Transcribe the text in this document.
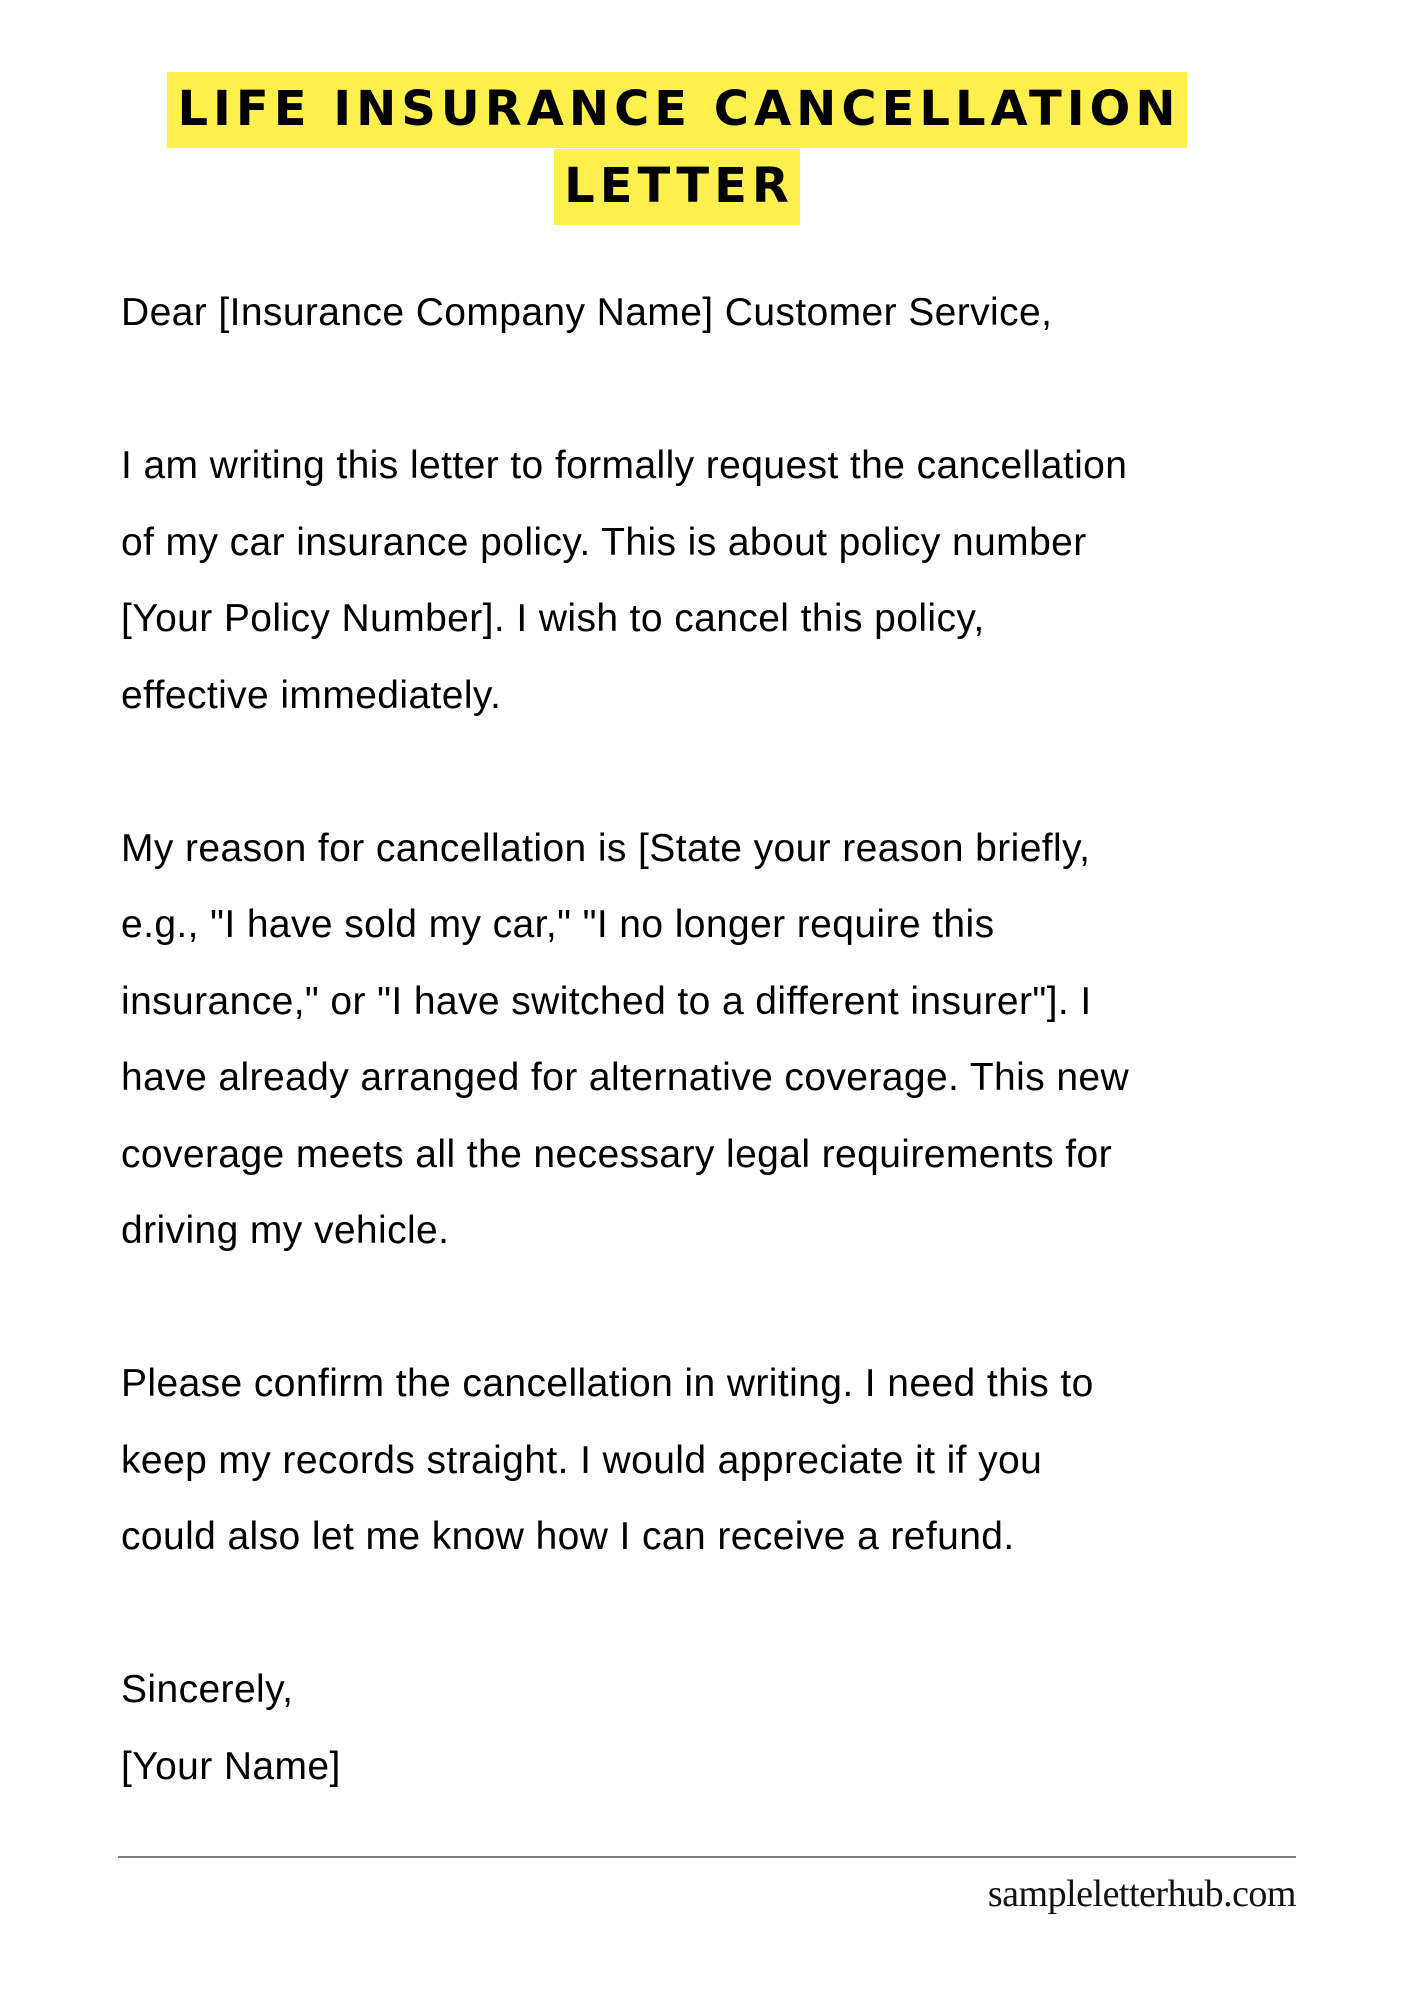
LIFE INSURANCE CANCELLATION
LETTER

Dear [Insurance Company Name] Customer Service,

I am writing this letter to formally request the cancellation
of my car insurance policy. This is about policy number
[Your Policy Number]. I wish to cancel this policy,
effective immediately.

My reason for cancellation is [State your reason briefly,
e.g., "I have sold my car," "I no longer require this
insurance," or "I have switched to a different insurer"]. I
have already arranged for alternative coverage. This new
coverage meets all the necessary legal requirements for
driving my vehicle.

Please confirm the cancellation in writing. I need this to
keep my records straight. I would appreciate it if you
could also let me know how I can receive a refund.

Sincerely,
[Your Name]

sampleletterhub.com
